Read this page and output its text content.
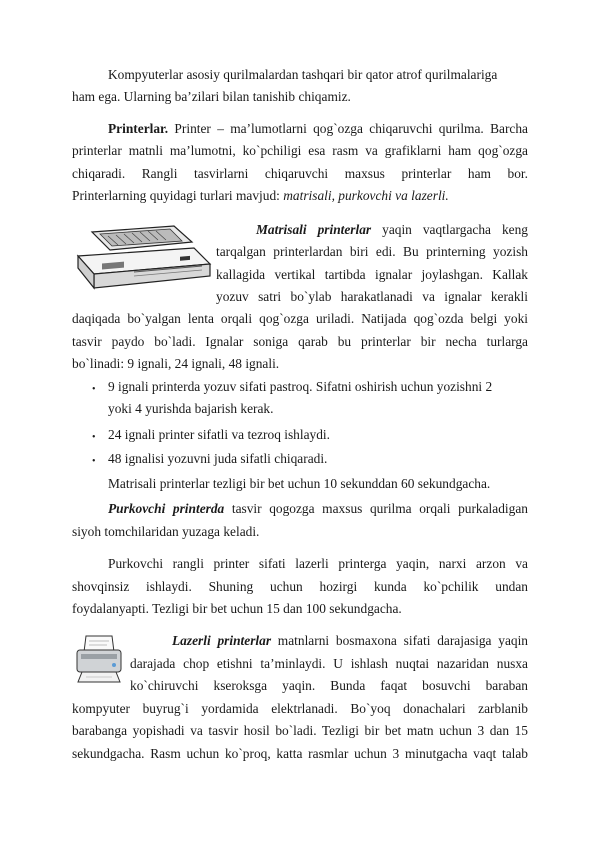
Kompyuterlar asosiy qurilmalardan tashqari bir qator atrof qurilmalariga
ham ega. Ularning ba’zilari bilan tanishib chiqamiz.
Printerlar. Printer – ma’lumotlarni qog`ozga chiqaruvchi qurilma. Barcha
printerlar matnli ma’lumotni, ko`pchiligi esa rasm va grafiklarni ham qog`ozga
chiqaradi. Rangli tasvirlarni chiqaruvchi maxsus printerlar ham bor.
Printerlarning quyidagi turlari mavjud: matrisali, purkovchi va lazerli.
Matrisali printerlar yaqin vaqtlargacha keng
tarqalgan printerlardan biri edi. Bu printerning yozish
kallagida vertikal tartibda ignalar joylashgan. Kallak
yozuv satri bo`ylab harakatlanadi va ignalar kerakli
daqiqada bo`yalgan lenta orqali qog`ozga uriladi. Natijada qog`ozda belgi yoki
tasvir paydo bo`ladi. Ignalar soniga qarab bu printerlar bir necha turlarga
bo`linadi: 9 ignali, 24 ignali, 48 ignali.
• 9 ignali printerda yozuv sifati pastroq. Sifatni oshirish uchun yozishni 2
yoki 4 yurishda bajarish kerak.
• 24 ignali printer sifatli va tezroq ishlaydi.
• 48 ignalisi yozuvni juda sifatli chiqaradi.
Matrisali printerlar tezligi bir bet uchun 10 sekunddan 60 sekundgacha.
Purkovchi printerda tasvir qogozga maxsus qurilma orqali purkaladigan
siyoh tomchilaridan yuzaga keladi.
Purkovchi rangli printer sifati lazerli printerga yaqin, narxi arzon va
shovqinsiz ishlaydi. Shuning uchun hozirgi kunda ko`pchilik undan
foydalanyapti. Tezligi bir bet uchun 15 dan 100 sekundgacha.
Lazerli printerlar matnlarni bosmaxona sifati darajasiga yaqin
darajada chop etishni ta’minlaydi. U ishlash nuqtai nazaridan nusxa
ko`chiruvchi kseroksga yaqin. Bunda faqat bosuvchi baraban
kompyuter buyrug`i yordamida elektrlanadi. Bo`yoq donachalari zarblanib
barabanga yopishadi va tasvir hosil bo`ladi. Tezligi bir bet matn uchun 3 dan 15
sekundgacha. Rasm uchun ko`proq, katta rasmlar uchun 3 minutgacha vaqt talab
